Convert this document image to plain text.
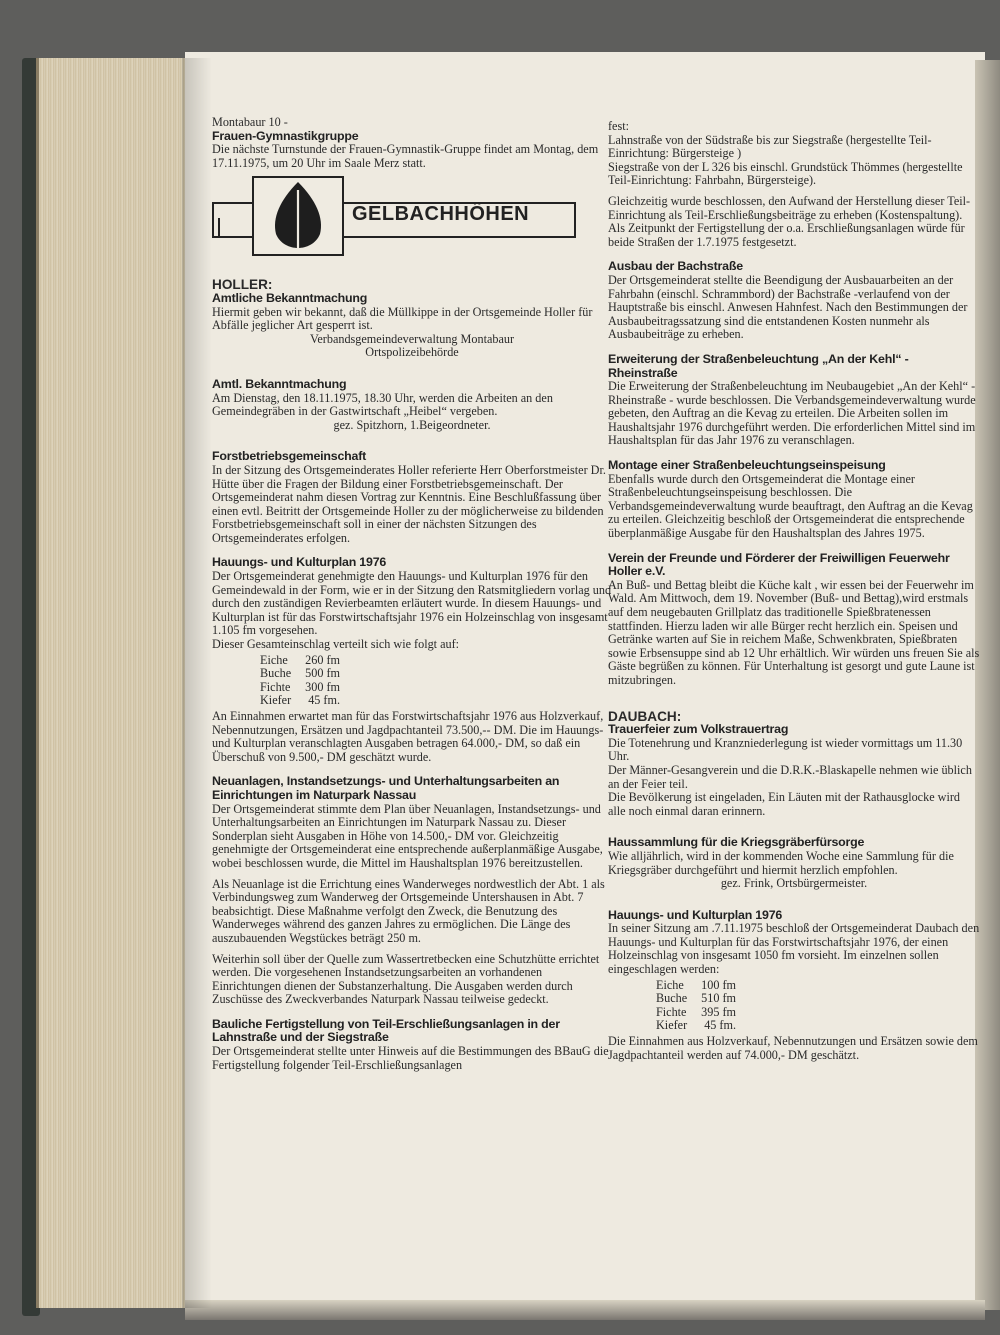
Montabaur 10 -

Frauen-Gymnastikgruppe

Die nächste Turnstunde der Frauen-Gymnastik-Gruppe findet am Montag, dem 17.11.1975, um 20 Uhr im Saale Merz statt.

GELBACHHÖHEN
HOLLER:
Amtliche Bekanntmachung

Hiermit geben wir bekannt, daß die Müllkippe in der Ortsgemeinde Holler für Abfälle jeglicher Art gesperrt ist.

Verbandsgemeindeverwaltung Montabaur

Ortspolizeibehörde

Amtl. Bekanntmachung

Am Dienstag, den 18.11.1975, 18.30 Uhr, werden die Arbeiten an den Gemeindegräben in der Gastwirtschaft „Heibel“ vergeben.

gez. Spitzhorn, 1.Beigeordneter.

Forstbetriebsgemeinschaft

In der Sitzung des Ortsgemeinderates Holler referierte Herr Oberforstmeister Dr. Hütte über die Fragen der Bildung einer Forstbetriebsgemeinschaft. Der Ortsgemeinderat nahm diesen Vortrag zur Kenntnis. Eine Beschlußfassung über einen evtl. Beitritt der Ortsgemeinde Holler zu der möglicherweise zu bildenden Forstbetriebsgemeinschaft soll in einer der nächsten Sitzungen des Ortsgemeinderates erfolgen.

Hauungs- und Kulturplan 1976

Der Ortsgemeinderat genehmigte den Hauungs- und Kulturplan 1976 für den Gemeindewald in der Form, wie er in der Sitzung den Ratsmitgliedern vorlag und durch den zuständigen Revierbeamten erläutert wurde. In diesem Hauungs- und Kulturplan ist für das Forstwirtschaftsjahr 1976 ein Holzeinschlag von insgesamt 1.105 fm vorgesehen.

Dieser Gesamteinschlag verteilt sich wie folgt auf:

Eiche	260 fm
Buche	500 fm
Fichte	300 fm
Kiefer	45 fm.

An Einnahmen erwartet man für das Forstwirtschaftsjahr 1976 aus Holzverkauf, Nebennutzungen, Ersätzen und Jagdpachtanteil 73.500,-- DM. Die im Hauungs- und Kulturplan veranschlagten Ausgaben betragen 64.000,- DM, so daß ein Überschuß von 9.500,- DM geschätzt wurde.

Neuanlagen, Instandsetzungs- und Unterhaltungsarbeiten an Einrichtungen im Naturpark Nassau

Der Ortsgemeinderat stimmte dem Plan über Neuanlagen, Instandsetzungs- und Unterhaltungsarbeiten an Einrichtungen im Naturpark Nassau zu. Dieser Sonderplan sieht Ausgaben in Höhe von 14.500,- DM vor. Gleichzeitig genehmigte der Ortsgemeinderat eine entsprechende außerplanmäßige Ausgabe, wobei beschlossen wurde, die Mittel im Haushaltsplan 1976 bereitzustellen.

Als Neuanlage ist die Errichtung eines Wanderweges nordwestlich der Abt. 1 als Verbindungsweg zum Wanderweg der Ortsgemeinde Untershausen in Abt. 7 beabsichtigt. Diese Maßnahme verfolgt den Zweck, die Benutzung des Wanderweges während des ganzen Jahres zu ermöglichen. Die Länge des auszubauenden Wegstückes beträgt 250 m.

Weiterhin soll über der Quelle zum Wassertretbecken eine Schutzhütte errichtet werden. Die vorgesehenen Instandsetzungsarbeiten an vorhandenen Einrichtungen dienen der Substanzerhaltung. Die Ausgaben werden durch Zuschüsse des Zweckverbandes Naturpark Nassau teilweise gedeckt.

Bauliche Fertigstellung von Teil-Erschließungsanlagen in der Lahnstraße und der Siegstraße

Der Ortsgemeinderat stellte unter Hinweis auf die Bestimmungen des BBauG die Fertigstellung folgender Teil-Erschließungsanlagen

fest:

Lahnstraße von der Südstraße bis zur Siegstraße (hergestellte Teil-Einrichtung: Bürgersteige )

Siegstraße von der L 326 bis einschl. Grundstück Thömmes (hergestellte Teil-Einrichtung: Fahrbahn, Bürgersteige).

Gleichzeitig wurde beschlossen, den Aufwand der Herstellung dieser Teil-Einrichtung als Teil-Erschließungsbeiträge zu erheben (Kostenspaltung).

Als Zeitpunkt der Fertigstellung der o.a. Erschließungsanlagen würde für beide Straßen der 1.7.1975 festgesetzt.

Ausbau der Bachstraße

Der Ortsgemeinderat stellte die Beendigung der Ausbauarbeiten an der Fahrbahn (einschl. Schrammbord) der Bachstraße -verlaufend von der Hauptstraße bis einschl. Anwesen Hahnfest. Nach den Bestimmungen der Ausbaubeitragssatzung sind die entstandenen Kosten nunmehr als Ausbaubeiträge zu erheben.

Erweiterung der Straßenbeleuchtung „An der Kehl“ - Rheinstraße

Die Erweiterung der Straßenbeleuchtung im Neubaugebiet „An der Kehl“ - Rheinstraße - wurde beschlossen. Die Verbandsgemeindeverwaltung wurde gebeten, den Auftrag an die Kevag zu erteilen. Die Arbeiten sollen im Haushaltsjahr 1976 durchgeführt werden. Die erforderlichen Mittel sind im Haushaltsplan für das Jahr 1976 zu veranschlagen.

Montage einer Straßenbeleuchtungseinspeisung

Ebenfalls wurde durch den Ortsgemeinderat die Montage einer Straßenbeleuchtungseinspeisung beschlossen. Die Verbandsgemeindeverwaltung wurde beauftragt, den Auftrag an die Kevag zu erteilen. Gleichzeitig beschloß der Ortsgemeinderat die entsprechende überplanmäßige Ausgabe für den Haushaltsplan des Jahres 1975.

Verein der Freunde und Förderer der Freiwilligen Feuerwehr Holler e.V.

An Buß- und Bettag bleibt die Küche kalt , wir essen bei der Feuerwehr im Wald. Am Mittwoch, dem 19. November (Buß- und Bettag),wird erstmals auf dem neugebauten Grillplatz das traditionelle Spießbratenessen stattfinden. Hierzu laden wir alle Bürger recht herzlich ein. Speisen und Getränke warten auf Sie in reichem Maße, Schwenkbraten, Spießbraten sowie Erbsensuppe sind ab 12 Uhr erhältlich. Wir würden uns freuen Sie als Gäste begrüßen zu können. Für Unterhaltung ist gesorgt und gute Laune ist mitzubringen.

DAUBACH:
Trauerfeier zum Volkstrauertrag

Die Totenehrung und Kranzniederlegung ist wieder vormittags um 11.30 Uhr.

Der Männer-Gesangverein und die D.R.K.-Blaskapelle nehmen wie üblich an der Feier teil.

Die Bevölkerung ist eingeladen, Ein Läuten mit der Rathausglocke wird alle noch einmal daran erinnern.

Haussammlung für die Kriegsgräberfürsorge

Wie alljährlich, wird in der kommenden Woche eine Sammlung für die Kriegsgräber durchgeführt und hiermit herzlich empfohlen.

gez. Frink, Ortsbürgermeister.

Hauungs- und Kulturplan 1976

In seiner Sitzung am .7.11.1975 beschloß der Ortsgemeinderat Daubach den Hauungs- und Kulturplan für das Forstwirtschaftsjahr 1976, der einen Holzeinschlag von insgesamt 1050 fm vorsieht. Im einzelnen sollen eingeschlagen werden:

Eiche	100 fm
Buche	510 fm
Fichte	395 fm
Kiefer	45 fm.

Die Einnahmen aus Holzverkauf, Nebennutzungen und Ersätzen sowie dem Jagdpachtanteil werden auf 74.000,- DM geschätzt.
